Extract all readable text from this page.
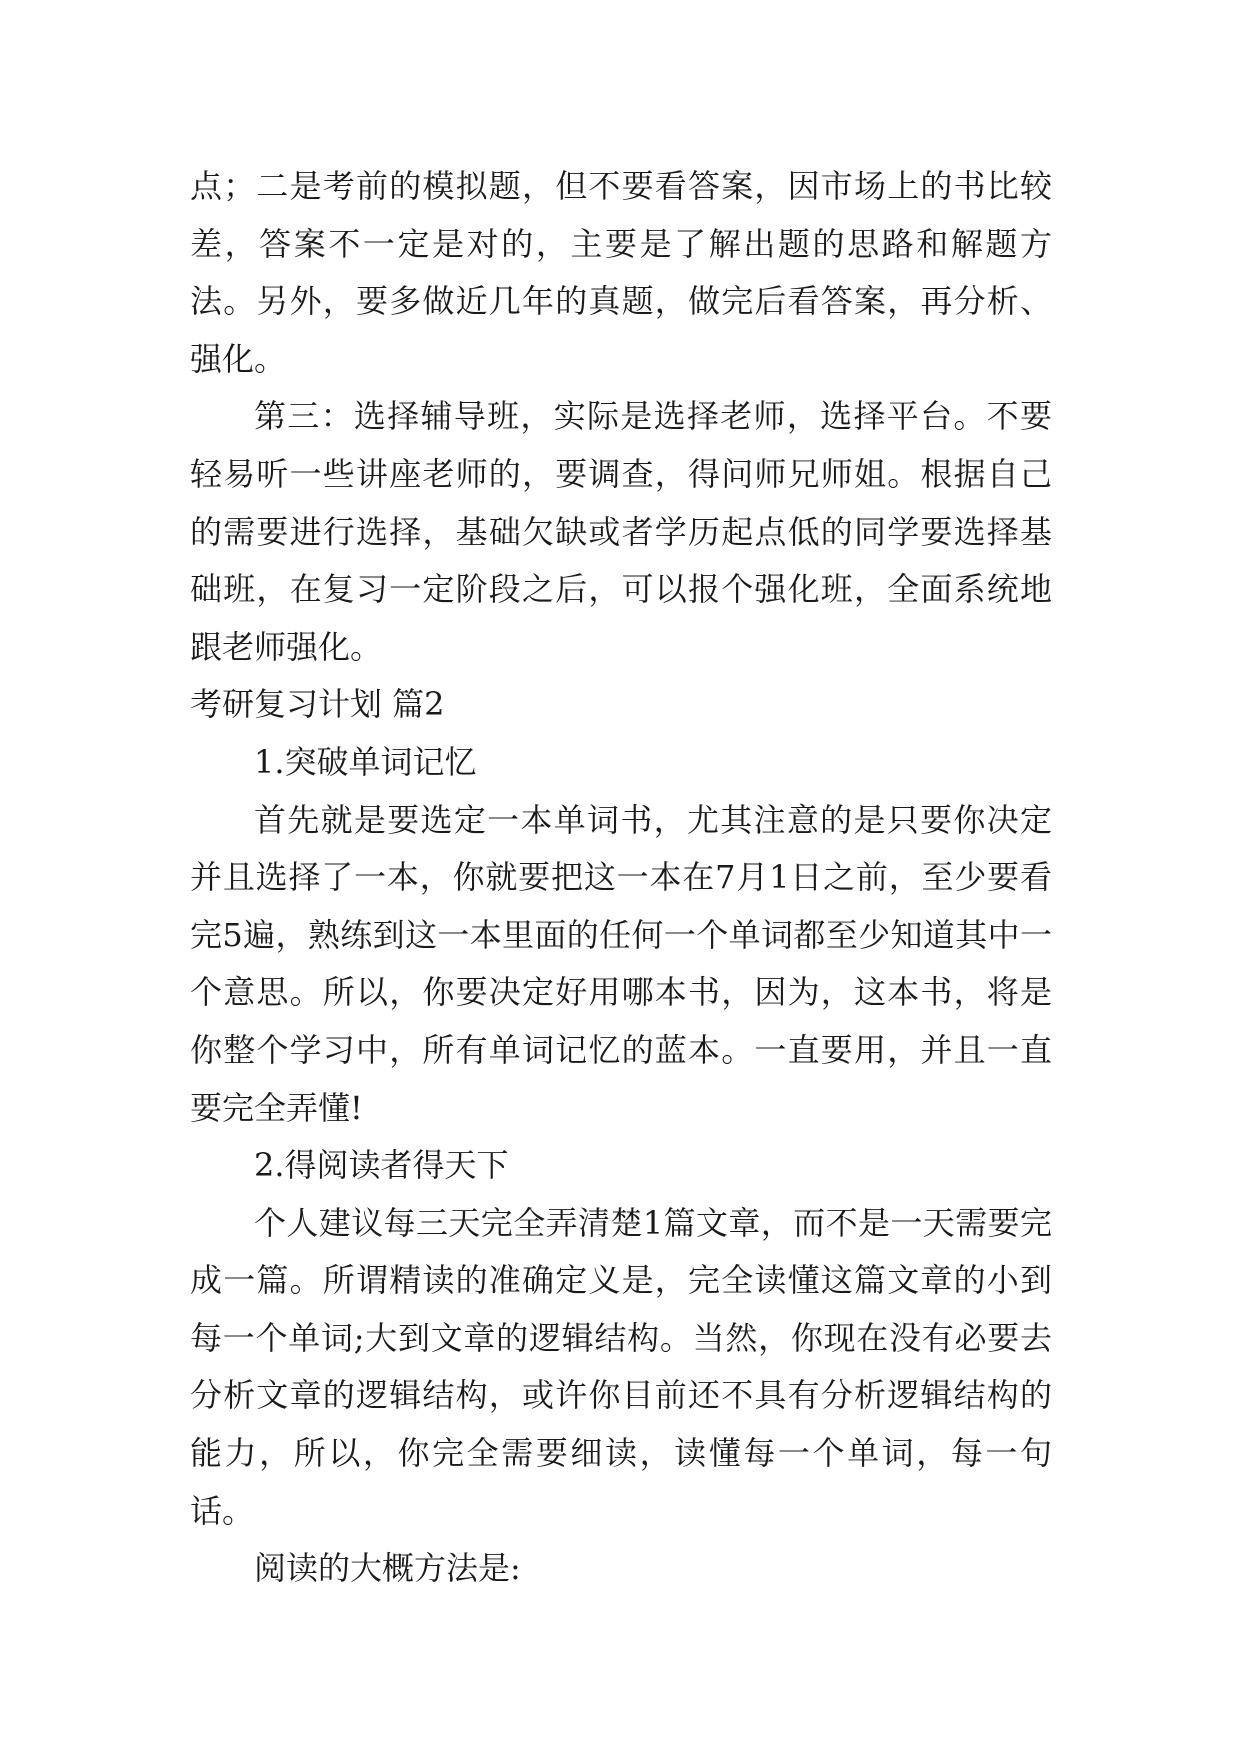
点；二是考前的模拟题，但不要看答案，因市场上的书比较差，答案不一定是对的，主要是了解出题的思路和解题方法。另外，要多做近几年的真题，做完后看答案，再分析、强化。

第三：选择辅导班，实际是选择老师，选择平台。不要轻易听一些讲座老师的，要调查，得问师兄师姐。根据自己的需要进行选择，基础欠缺或者学历起点低的同学要选择基础班，在复习一定阶段之后，可以报个强化班，全面系统地跟老师强化。

考研复习计划 篇2

1.突破单词记忆

首先就是要选定一本单词书，尤其注意的是只要你决定并且选择了一本，你就要把这一本在7月1日之前，至少要看完5遍，熟练到这一本里面的任何一个单词都至少知道其中一个意思。所以，你要决定好用哪本书，因为，这本书，将是你整个学习中，所有单词记忆的蓝本。一直要用，并且一直要完全弄懂!

2.得阅读者得天下

个人建议每三天完全弄清楚1篇文章，而不是一天需要完成一篇。所谓精读的准确定义是，完全读懂这篇文章的小到每一个单词;大到文章的逻辑结构。当然，你现在没有必要去分析文章的逻辑结构，或许你目前还不具有分析逻辑结构的能力，所以，你完全需要细读，读懂每一个单词，每一句话。

阅读的大概方法是:
